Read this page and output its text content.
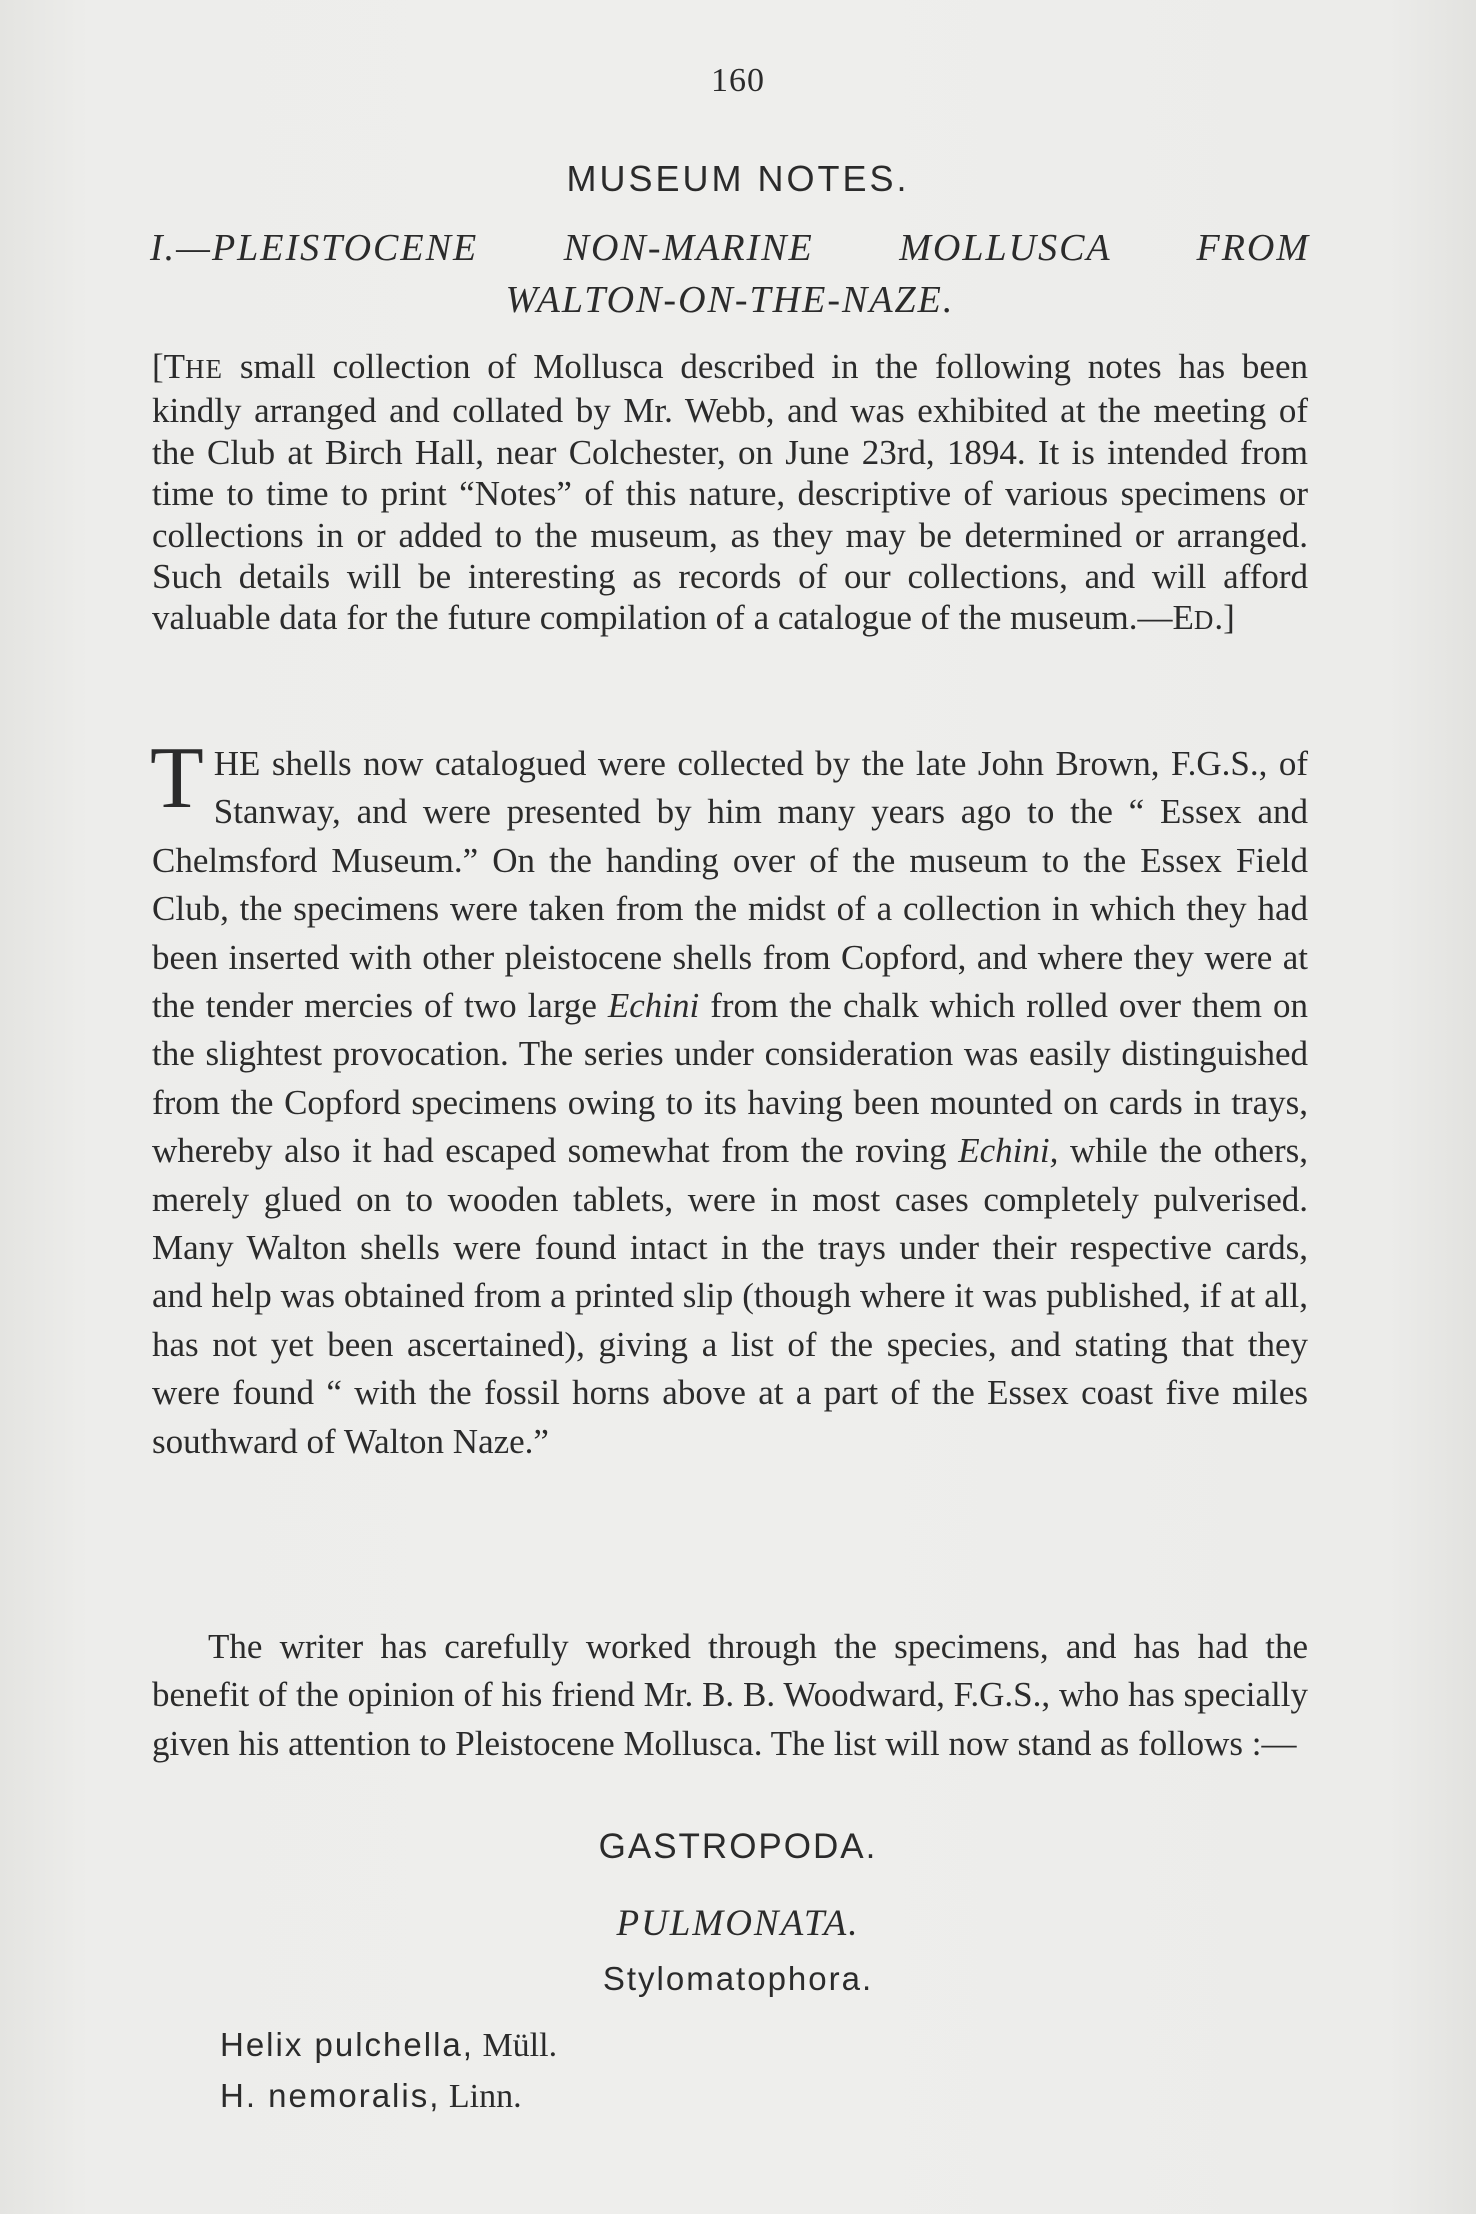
160
MUSEUM NOTES.
I.—PLEISTOCENE NON-MARINE MOLLUSCA FROM
WALTON-ON-THE-NAZE.
[THE small collection of Mollusca described in the following notes has been kindly arranged and collated by Mr. Webb, and was exhibited at the meeting of the Club at Birch Hall, near Colchester, on June 23rd, 1894. It is intended from time to time to print “Notes” of this nature, descriptive of various specimens or collections in or added to the museum, as they may be determined or arranged. Such details will be interesting as records of our collections, and will afford valuable data for the future compilation of a catalogue of the museum.—ED.]
THE shells now catalogued were collected by the late John Brown, F.G.S., of Stanway, and were presented by him many years ago to the “ Essex and Chelmsford Museum.” On the handing over of the museum to the Essex Field Club, the specimens were taken from the midst of a collection in which they had been inserted with other pleistocene shells from Copford, and where they were at the tender mercies of two large Echini from the chalk which rolled over them on the slightest provocation. The series under consideration was easily distinguished from the Copford specimens owing to its having been mounted on cards in trays, whereby also it had escaped somewhat from the roving Echini, while the others, merely glued on to wooden tablets, were in most cases completely pulverised. Many Walton shells were found intact in the trays under their respective cards, and help was obtained from a printed slip (though where it was published, if at all, has not yet been ascertained), giving a list of the species, and stating that they were found “ with the fossil horns above at a part of the Essex coast five miles southward of Walton Naze.”
The writer has carefully worked through the specimens, and has had the benefit of the opinion of his friend Mr. B. B. Woodward, F.G.S., who has specially given his attention to Pleistocene Mollusca. The list will now stand as follows :—
GASTROPODA.
PULMONATA.
Stylomatophora.
Helix pulchella, Müll.
H. nemoralis, Linn.
